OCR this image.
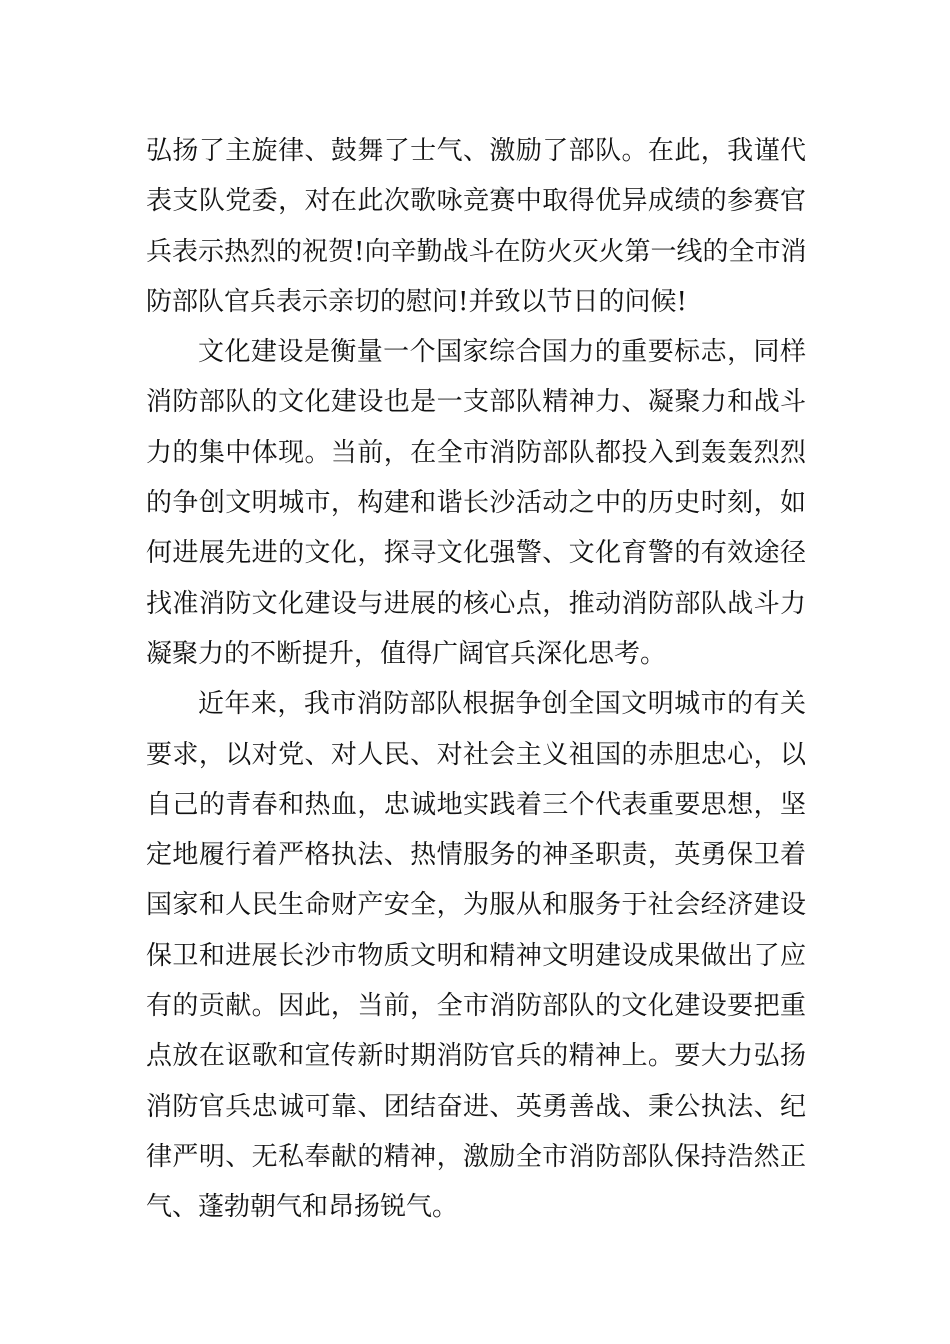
弘扬了主旋律、鼓舞了士气、激励了部队。在此，我谨代
表支队党委，对在此次歌咏竞赛中取得优异成绩的参赛官
兵表示热烈的祝贺!向辛勤战斗在防火灭火第一线的全市消
防部队官兵表示亲切的慰问!并致以节日的问候!
文化建设是衡量一个国家综合国力的重要标志，同样
消防部队的文化建设也是一支部队精神力、凝聚力和战斗
力的集中体现。当前，在全市消防部队都投入到轰轰烈烈
的争创文明城市，构建和谐长沙活动之中的历史时刻，如
何进展先进的文化，探寻文化强警、文化育警的有效途径
找准消防文化建设与进展的核心点，推动消防部队战斗力
凝聚力的不断提升，值得广阔官兵深化思考。
近年来，我市消防部队根据争创全国文明城市的有关
要求，以对党、对人民、对社会主义祖国的赤胆忠心，以
自己的青春和热血，忠诚地实践着三个代表重要思想，坚
定地履行着严格执法、热情服务的神圣职责，英勇保卫着
国家和人民生命财产安全，为服从和服务于社会经济建设
保卫和进展长沙市物质文明和精神文明建设成果做出了应
有的贡献。因此，当前，全市消防部队的文化建设要把重
点放在讴歌和宣传新时期消防官兵的精神上。要大力弘扬
消防官兵忠诚可靠、团结奋进、英勇善战、秉公执法、纪
律严明、无私奉献的精神，激励全市消防部队保持浩然正
气、蓬勃朝气和昂扬锐气。
